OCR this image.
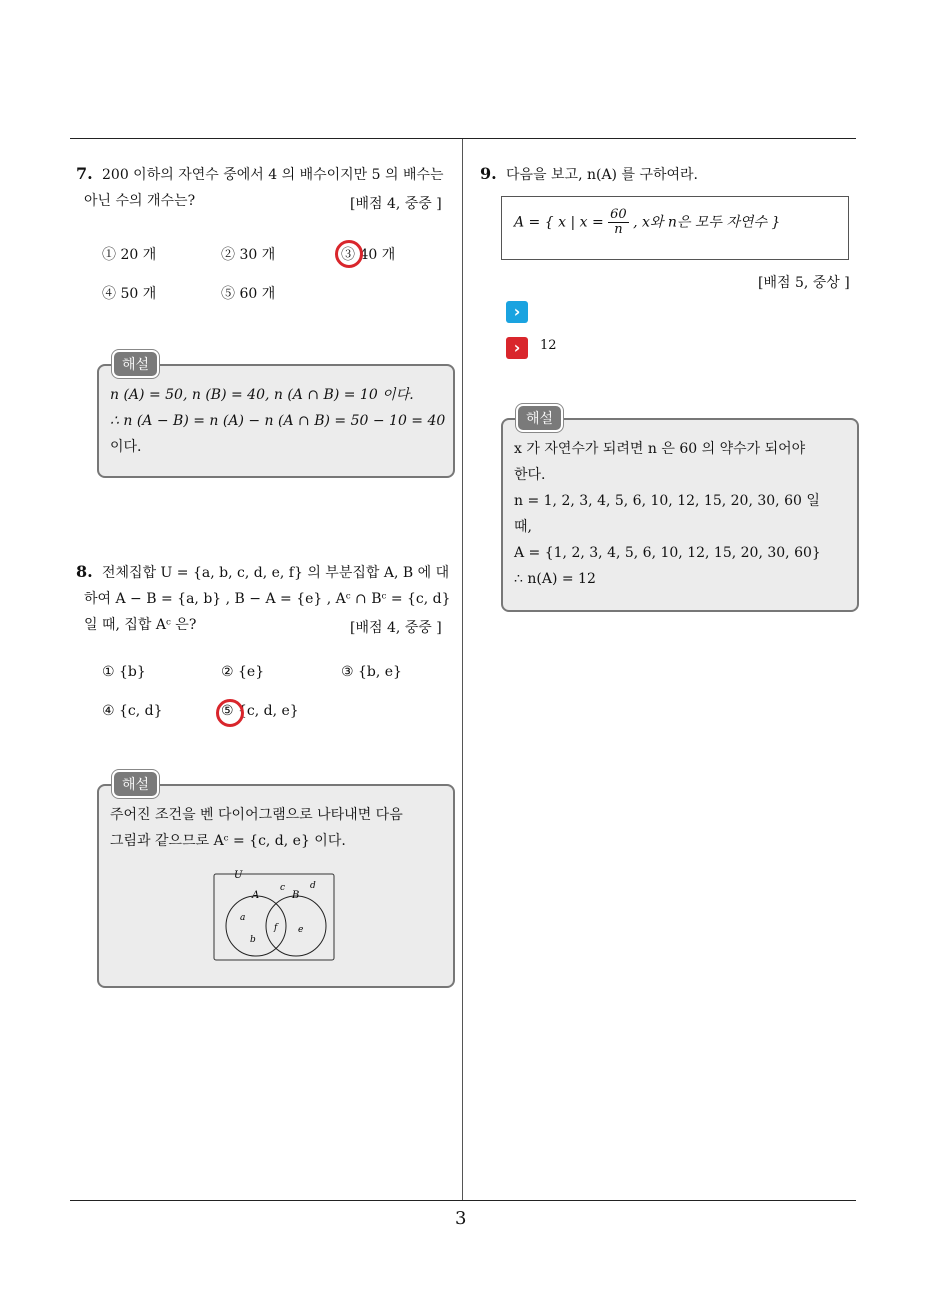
3
7. 200 이하의 자연수 중에서 4 의 배수이지만 5 의 배수는
아닌 수의 개수는?	[배점 4, 중중 ]
① 20 개	② 30 개	③ 40 개
④ 50 개	⑤ 60 개
해설
n (A) = 50, n (B) = 40, n (A ∩ B) = 10 이다.
∴ n (A − B) = n (A) − n (A ∩ B) = 50 − 10 = 40
이다.
8. 전체집합 U = {a, b, c, d, e, f} 의 부분집합 A, B 에 대
하여 A − B = {a, b} , B − A = {e} , Aᶜ ∩ Bᶜ = {c, d}
일 때, 집합 Aᶜ 은?	[배점 4, 중중 ]
① {b}	② {e}	③ {b, e}
④ {c, d}	⑤ {c, d, e}
해설
주어진 조건을 벤 다이어그램으로 나타내면 다음
그림과 같으므로 Aᶜ = {c, d, e} 이다.
U
A	B
c	d
a
b
f e
9. 다음을 보고, n(A) 를 구하여라.
A = { x | $x = \frac{60}{n}$ , x와 n은 모두 자연수 }
[배점 5, 중상 ]
›
›	12
해설
x 가 자연수가 되려면 n 은 60 의 약수가 되어야
한다.
n = 1, 2, 3, 4, 5, 6, 10, 12, 15, 20, 30, 60 일
때,
A = {1, 2, 3, 4, 5, 6, 10, 12, 15, 20, 30, 60}
∴ n(A) = 12
